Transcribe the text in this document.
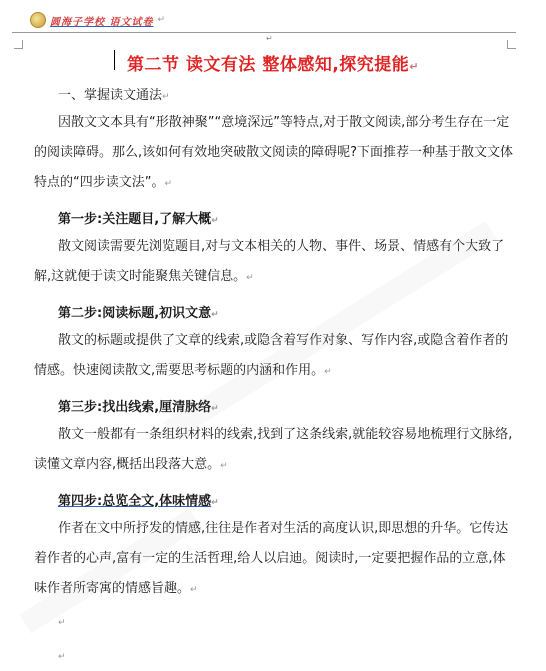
圆海子学校 语文试卷 ↵
↵
第二节 读文有法 整体感知,探究提能↵
一、掌握读文通法↵
因散文文本具有“形散神聚”“意境深远”等特点,对于散文阅读,部分考生存在一定的阅读障碍。那么,该如何有效地突破散文阅读的障碍呢?下面推荐一种基于散文文体特点的“四步读文法”。↵
第一步:关注题目,了解大概↵
散文阅读需要先浏览题目,对与文本相关的人物、事件、场景、情感有个大致了解,这就便于读文时能聚焦关键信息。↵
第二步:阅读标题,初识文意↵
散文的标题或提供了文章的线索,或隐含着写作对象、写作内容,或隐含着作者的情感。快速阅读散文,需要思考标题的内涵和作用。↵
第三步:找出线索,厘清脉络↵
散文一般都有一条组织材料的线索,找到了这条线索,就能较容易地梳理行文脉络,读懂文章内容,概括出段落大意。↵
第四步:总览全文,体味情感↵
作者在文中所抒发的情感,往往是作者对生活的高度认识,即思想的升华。它传达着作者的心声,富有一定的生活哲理,给人以启迪。阅读时,一定要把握作品的立意,体味作者所寄寓的情感旨趣。↵
↵
↵
